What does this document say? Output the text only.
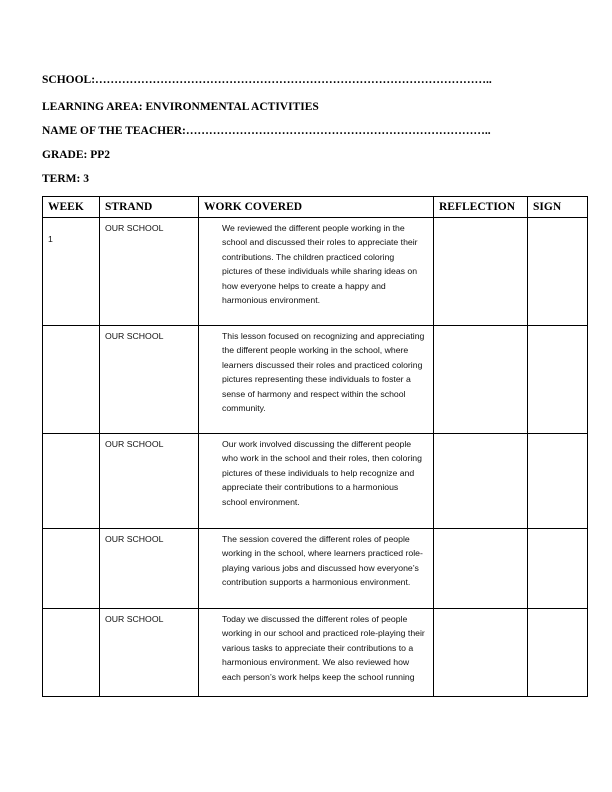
SCHOOL:…………………………………………………………………………………………..
LEARNING AREA: ENVIRONMENTAL ACTIVITIES
NAME OF THE TEACHER:……………………………………………………………………..
GRADE: PP2
TERM: 3
WEEK	STRAND	WORK COVERED	REFLECTION	SIGN
1	OUR SCHOOL	We reviewed the different people working in the school and discussed their roles to appreciate their contributions. The children practiced coloring pictures of these individuals while sharing ideas on how everyone helps to create a happy and harmonious environment.		
	OUR SCHOOL	This lesson focused on recognizing and appreciating the different people working in the school, where learners discussed their roles and practiced coloring pictures representing these individuals to foster a sense of harmony and respect within the school community.		
	OUR SCHOOL	Our work involved discussing the different people who work in the school and their roles, then coloring pictures of these individuals to help recognize and appreciate their contributions to a harmonious school environment.		
	OUR SCHOOL	The session covered the different roles of people working in the school, where learners practiced role-playing various jobs and discussed how everyone’s contribution supports a harmonious environment.		
	OUR SCHOOL	Today we discussed the different roles of people working in our school and practiced role-playing their various tasks to appreciate their contributions to a harmonious environment. We also reviewed how each person’s work helps keep the school running		
